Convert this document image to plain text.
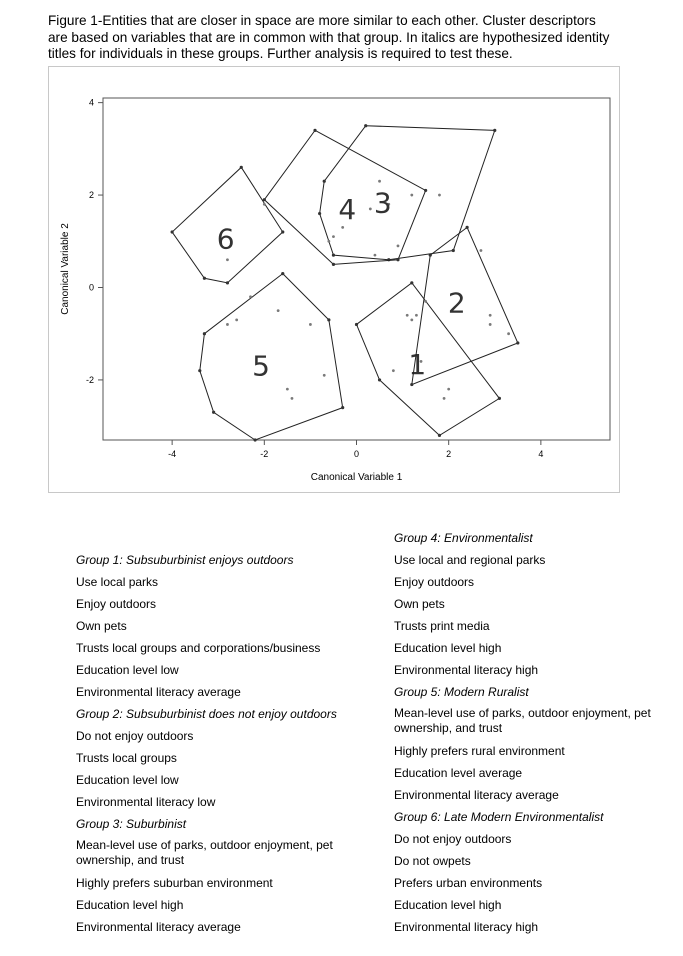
Figure 1-Entities that are closer in space are more similar to each other. Cluster descriptors
are based on variables that are in common with that group. In italics are hypothesized identity
titles for individuals in these groups. Further analysis is required to test these.
-4	-2	0	2	4
4
2
0
-2
Canonical Variable 1
Canonical Variable 2
1
2
3
4
5
6
Group 1: Subsuburbinist enjoys outdoors
Use local parks
Enjoy outdoors
Own pets
Trusts local groups and corporations/business
Education level low
Environmental literacy average
Group 2: Subsuburbinist does not enjoy outdoors
Do not enjoy outdoors
Trusts local groups
Education level low
Environmental literacy low
Group 3: Suburbinist
Mean-level use of parks, outdoor enjoyment, pet ownership, and trust
Highly prefers suburban environment
Education level high
Environmental literacy average
Group 4: Environmentalist
Use local and regional parks
Enjoy outdoors
Own pets
Trusts print media
Education level high
Environmental literacy high
Group 5: Modern Ruralist
Mean-level use of parks, outdoor enjoyment, pet ownership, and trust
Highly prefers rural environment
Education level average
Environmental literacy average
Group 6: Late Modern Environmentalist
Do not enjoy outdoors
Do not owpets
Prefers urban environments
Education level high
Environmental literacy high
